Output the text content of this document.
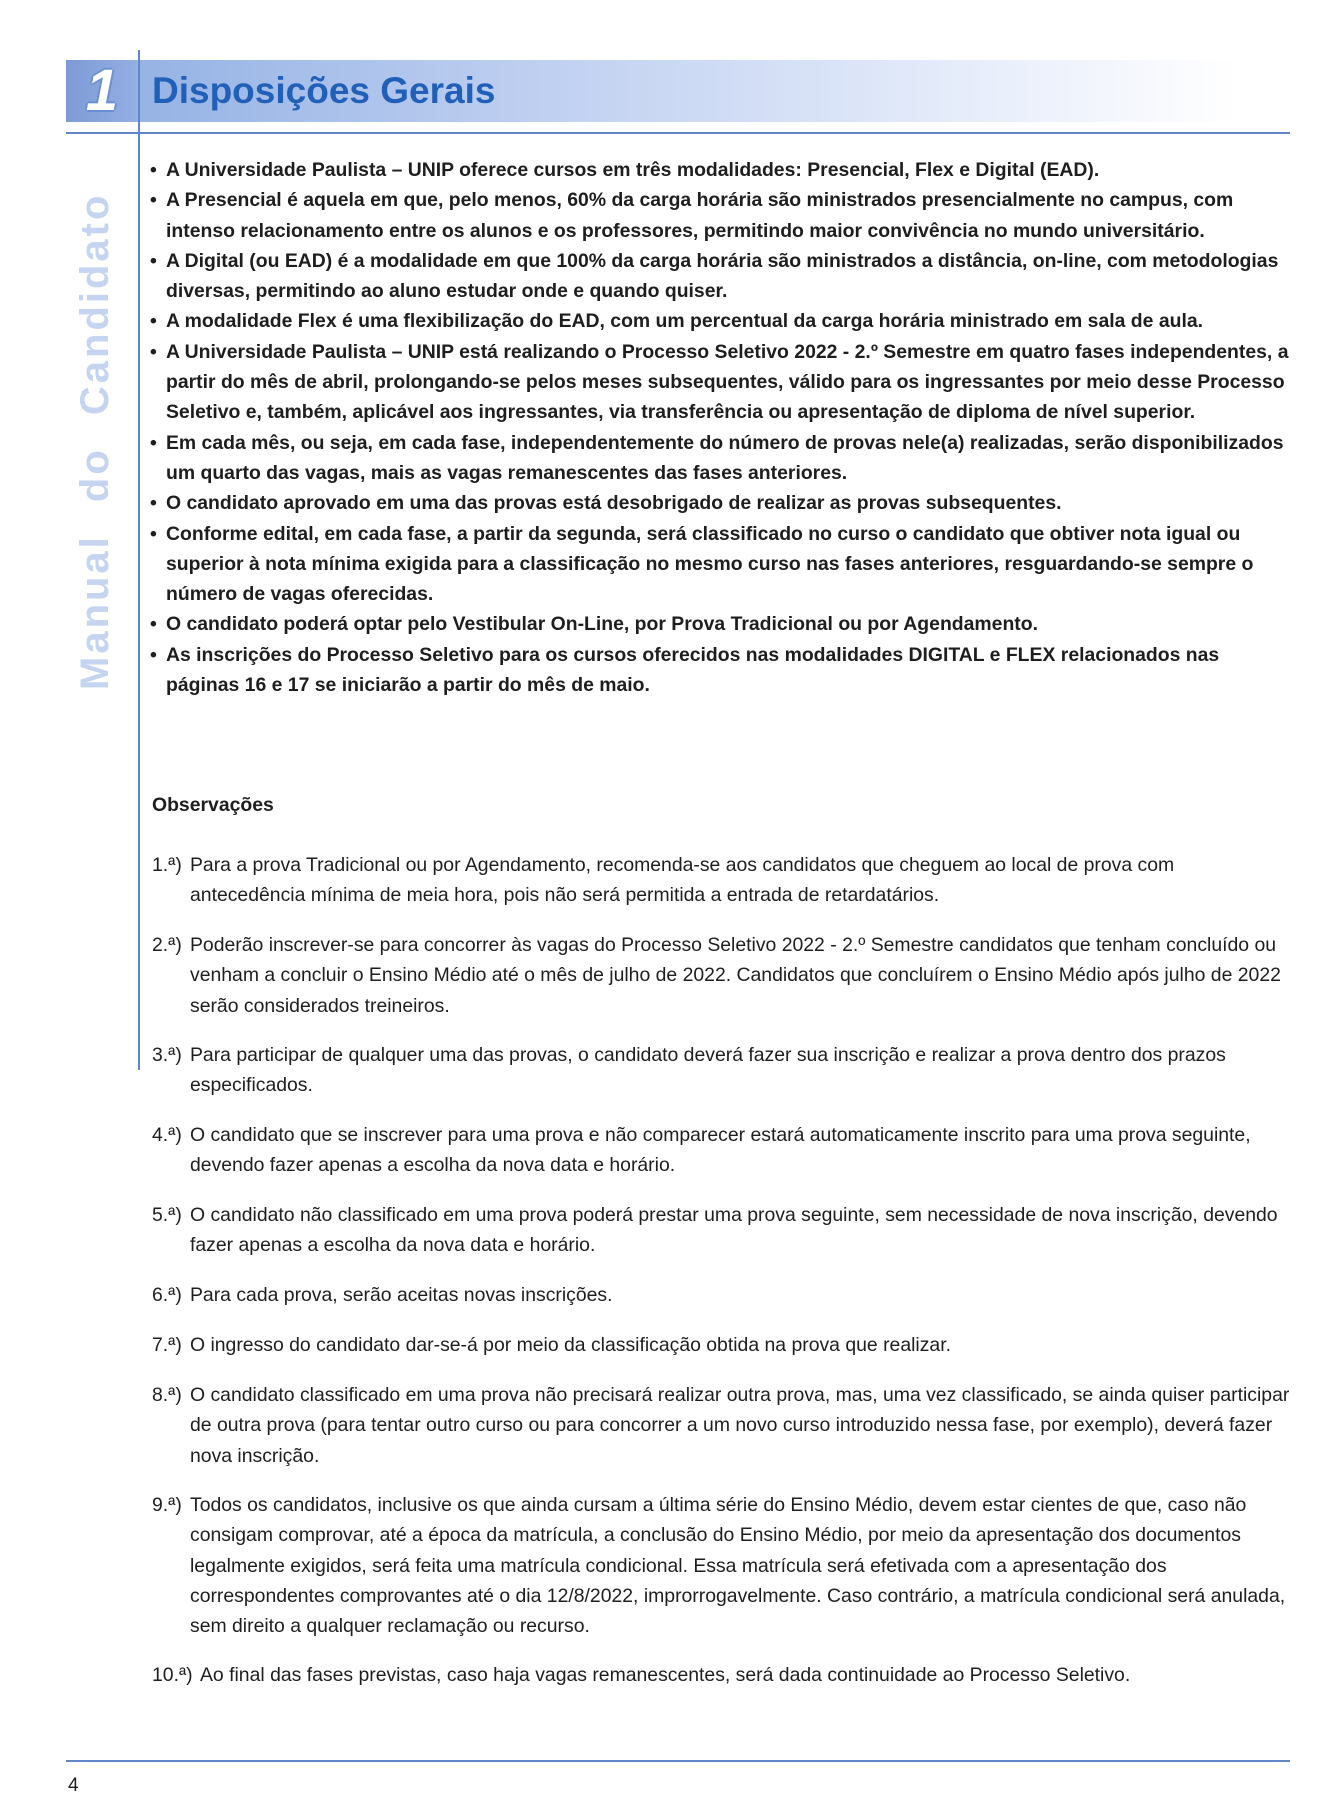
1 Disposições Gerais
Manual do Candidato
• A Universidade Paulista – UNIP oferece cursos em três modalidades: Presencial, Flex e Digital (EAD).
• A Presencial é aquela em que, pelo menos, 60% da carga horária são ministrados presencialmente no campus, com intenso relacionamento entre os alunos e os professores, permitindo maior convivência no mundo universitário.
• A Digital (ou EAD) é a modalidade em que 100% da carga horária são ministrados a distância, on-line, com metodologias diversas, permitindo ao aluno estudar onde e quando quiser.
• A modalidade Flex é uma flexibilização do EAD, com um percentual da carga horária ministrado em sala de aula.
• A Universidade Paulista – UNIP está realizando o Processo Seletivo 2022 - 2.º Semestre em quatro fases independentes, a partir do mês de abril, prolongando-se pelos meses subsequentes, válido para os ingressantes por meio desse Processo Seletivo e, também, aplicável aos ingressantes, via transferência ou apresentação de diploma de nível superior.
• Em cada mês, ou seja, em cada fase, independentemente do número de provas nele(a) realizadas, serão disponibilizados um quarto das vagas, mais as vagas remanescentes das fases anteriores.
• O candidato aprovado em uma das provas está desobrigado de realizar as provas subsequentes.
• Conforme edital, em cada fase, a partir da segunda, será classificado no curso o candidato que obtiver nota igual ou superior à nota mínima exigida para a classificação no mesmo curso nas fases anteriores, resguardando-se sempre o número de vagas oferecidas.
• O candidato poderá optar pelo Vestibular On-Line, por Prova Tradicional ou por Agendamento.
• As inscrições do Processo Seletivo para os cursos oferecidos nas modalidades DIGITAL e FLEX relacionados nas páginas 16 e 17 se iniciarão a partir do mês de maio.
Observações
1.ª) Para a prova Tradicional ou por Agendamento, recomenda-se aos candidatos que cheguem ao local de prova com antecedência mínima de meia hora, pois não será permitida a entrada de retardatários.
2.ª) Poderão inscrever-se para concorrer às vagas do Processo Seletivo 2022 - 2.º Semestre candidatos que tenham concluído ou venham a concluir o Ensino Médio até o mês de julho de 2022. Candidatos que concluírem o Ensino Médio após julho de 2022 serão considerados treineiros.
3.ª) Para participar de qualquer uma das provas, o candidato deverá fazer sua inscrição e realizar a prova dentro dos prazos especificados.
4.ª) O candidato que se inscrever para uma prova e não comparecer estará automaticamente inscrito para uma prova seguinte, devendo fazer apenas a escolha da nova data e horário.
5.ª) O candidato não classificado em uma prova poderá prestar uma prova seguinte, sem necessidade de nova inscrição, devendo fazer apenas a escolha da nova data e horário.
6.ª) Para cada prova, serão aceitas novas inscrições.
7.ª) O ingresso do candidato dar-se-á por meio da classificação obtida na prova que realizar.
8.ª) O candidato classificado em uma prova não precisará realizar outra prova, mas, uma vez classificado, se ainda quiser participar de outra prova (para tentar outro curso ou para concorrer a um novo curso introduzido nessa fase, por exemplo), deverá fazer nova inscrição.
9.ª) Todos os candidatos, inclusive os que ainda cursam a última série do Ensino Médio, devem estar cientes de que, caso não consigam comprovar, até a época da matrícula, a conclusão do Ensino Médio, por meio da apresentação dos documentos legalmente exigidos, será feita uma matrícula condicional. Essa matrícula será efetivada com a apresentação dos correspondentes comprovantes até o dia 12/8/2022, improrrogavelmente. Caso contrário, a matrícula condicional será anulada, sem direito a qualquer reclamação ou recurso.
10.ª) Ao final das fases previstas, caso haja vagas remanescentes, será dada continuidade ao Processo Seletivo.
4
